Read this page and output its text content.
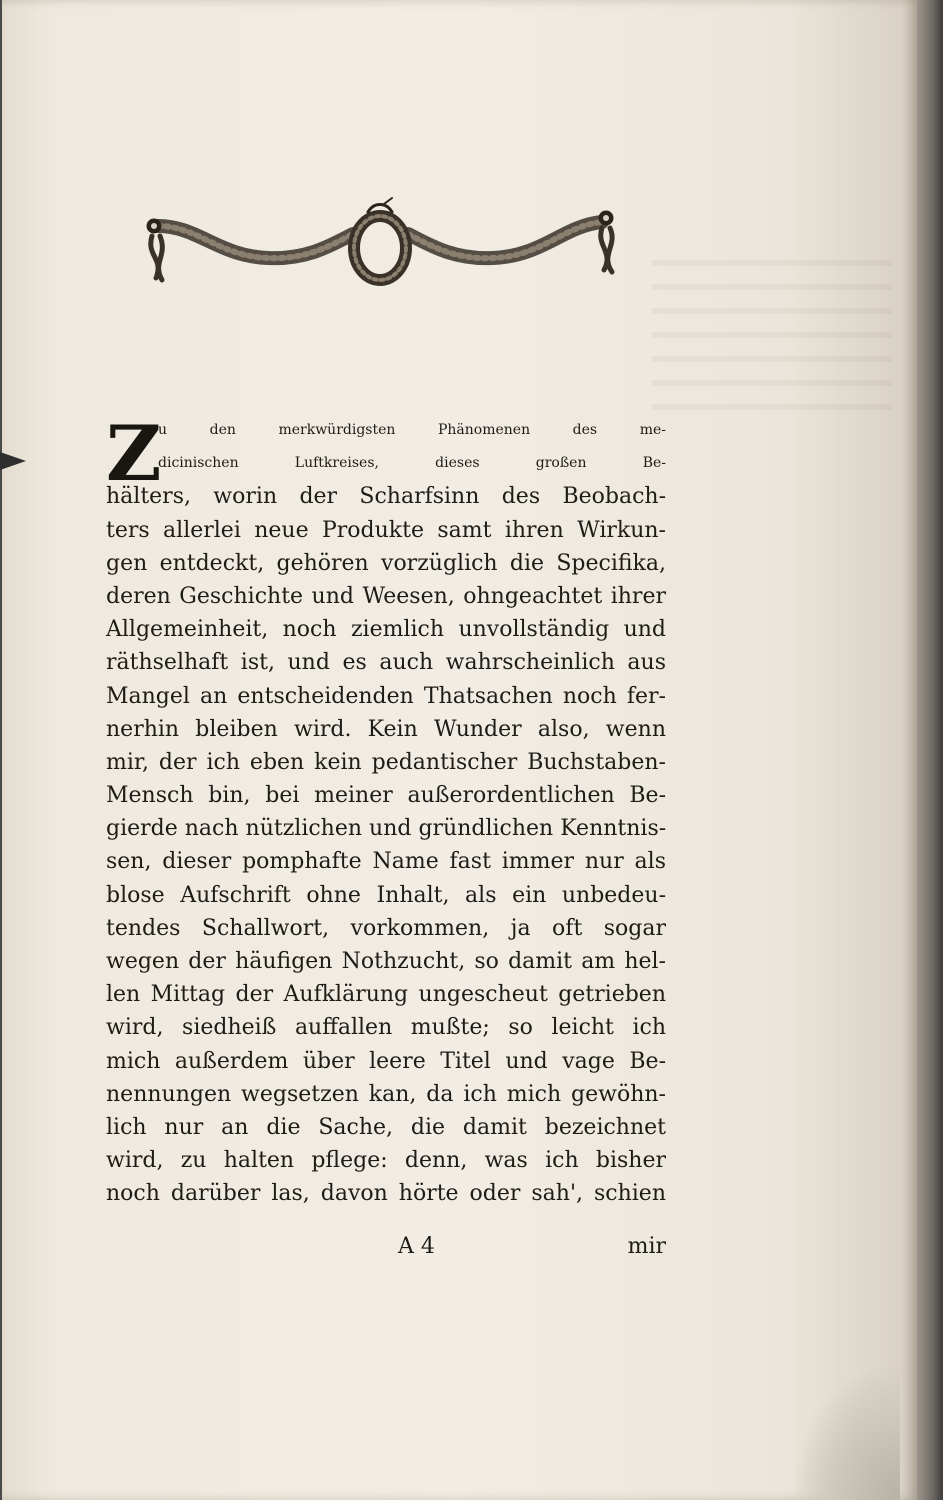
Z
u den merkwürdigsten Phänomenen des me-
dicinischen Luftkreises, dieses großen Be-
hälters, worin der Scharfsinn des Beobach-
ters allerlei neue Produkte samt ihren Wirkun-
gen entdeckt, gehören vorzüglich die Specifika,
deren Geschichte und Weesen, ohngeachtet ihrer
Allgemeinheit, noch ziemlich unvollständig und
räthselhaft ist, und es auch wahrscheinlich aus
Mangel an entscheidenden Thatsachen noch fer-
nerhin bleiben wird. Kein Wunder also, wenn
mir, der ich eben kein pedantischer Buchstaben-
Mensch bin, bei meiner außerordentlichen Be-
gierde nach nützlichen und gründlichen Kenntnis-
sen, dieser pomphafte Name fast immer nur als
blose Aufschrift ohne Inhalt, als ein unbedeu-
tendes Schallwort, vorkommen, ja oft sogar
wegen der häufigen Nothzucht, so damit am hel-
len Mittag der Aufklärung ungescheut getrieben
wird, siedheiß auffallen mußte; so leicht ich
mich außerdem über leere Titel und vage Be-
nennungen wegsetzen kan, da ich mich gewöhn-
lich nur an die Sache, die damit bezeichnet
wird, zu halten pflege: denn, was ich bisher
noch darüber las, davon hörte oder sah', schien
A 4	mir
